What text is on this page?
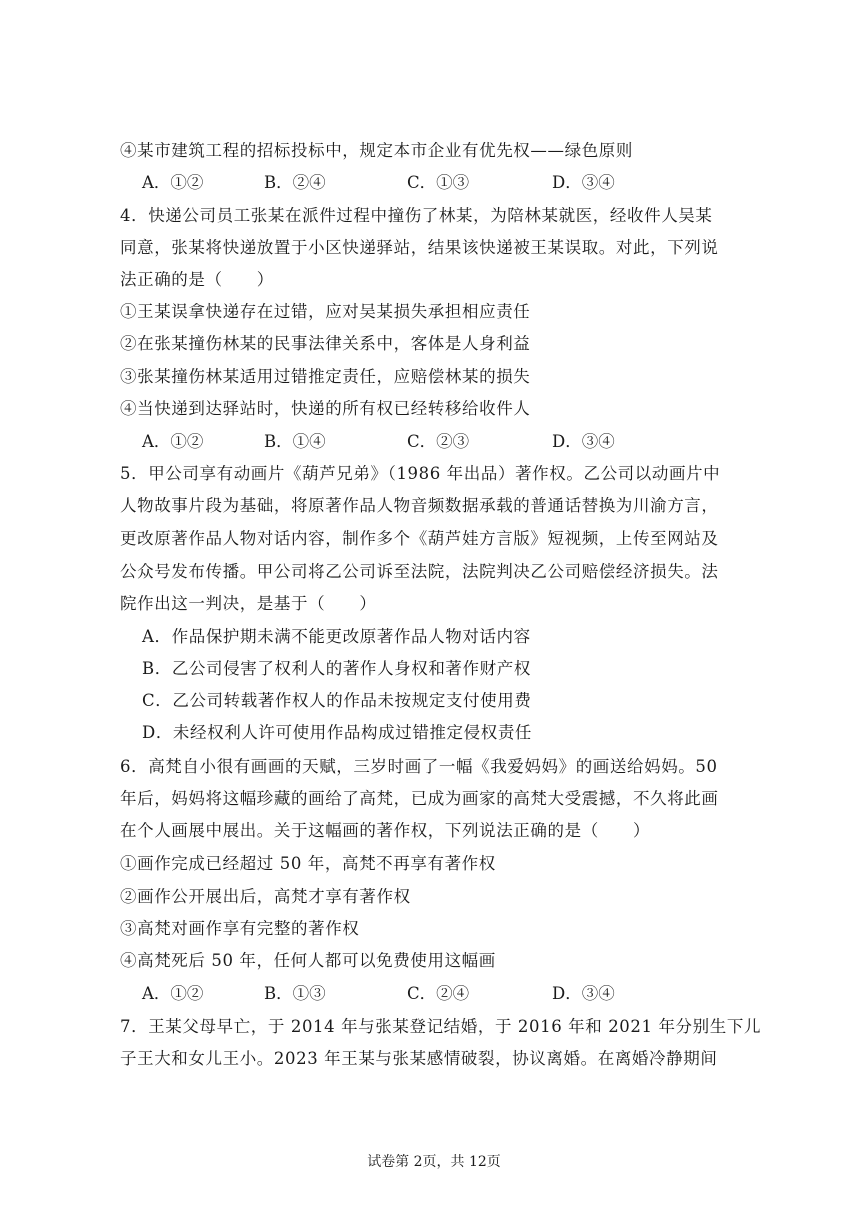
④某市建筑工程的招标投标中，规定本市企业有优先权——绿色原则
A．①②	B．②④	C．①③	D．③④
4．快递公司员工张某在派件过程中撞伤了林某，为陪林某就医，经收件人吴某
同意，张某将快递放置于小区快递驿站，结果该快递被王某误取。对此，下列说
法正确的是（　　）
①王某误拿快递存在过错，应对吴某损失承担相应责任
②在张某撞伤林某的民事法律关系中，客体是人身利益
③张某撞伤林某适用过错推定责任，应赔偿林某的损失
④当快递到达驿站时，快递的所有权已经转移给收件人
A．①②	B．①④	C．②③	D．③④
5．甲公司享有动画片《葫芦兄弟》（1986 年出品）著作权。乙公司以动画片中
人物故事片段为基础，将原著作品人物音频数据承载的普通话替换为川渝方言，
更改原著作品人物对话内容，制作多个《葫芦娃方言版》短视频，上传至网站及
公众号发布传播。甲公司将乙公司诉至法院，法院判决乙公司赔偿经济损失。法
院作出这一判决，是基于（　　）
A．作品保护期未满不能更改原著作品人物对话内容
B．乙公司侵害了权利人的著作人身权和著作财产权
C．乙公司转载著作权人的作品未按规定支付使用费
D．未经权利人许可使用作品构成过错推定侵权责任
6．高梵自小很有画画的天赋，三岁时画了一幅《我爱妈妈》的画送给妈妈。50
年后，妈妈将这幅珍藏的画给了高梵，已成为画家的高梵大受震撼，不久将此画
在个人画展中展出。关于这幅画的著作权，下列说法正确的是（　　）
①画作完成已经超过 50 年，高梵不再享有著作权
②画作公开展出后，高梵才享有著作权
③高梵对画作享有完整的著作权
④高梵死后 50 年，任何人都可以免费使用这幅画
A．①②	B．①③	C．②④	D．③④
7．王某父母早亡，于 2014 年与张某登记结婚，于 2016 年和 2021 年分别生下儿
子王大和女儿王小。2023 年王某与张某感情破裂，协议离婚。在离婚冷静期间
试卷第 2页，共 12页
